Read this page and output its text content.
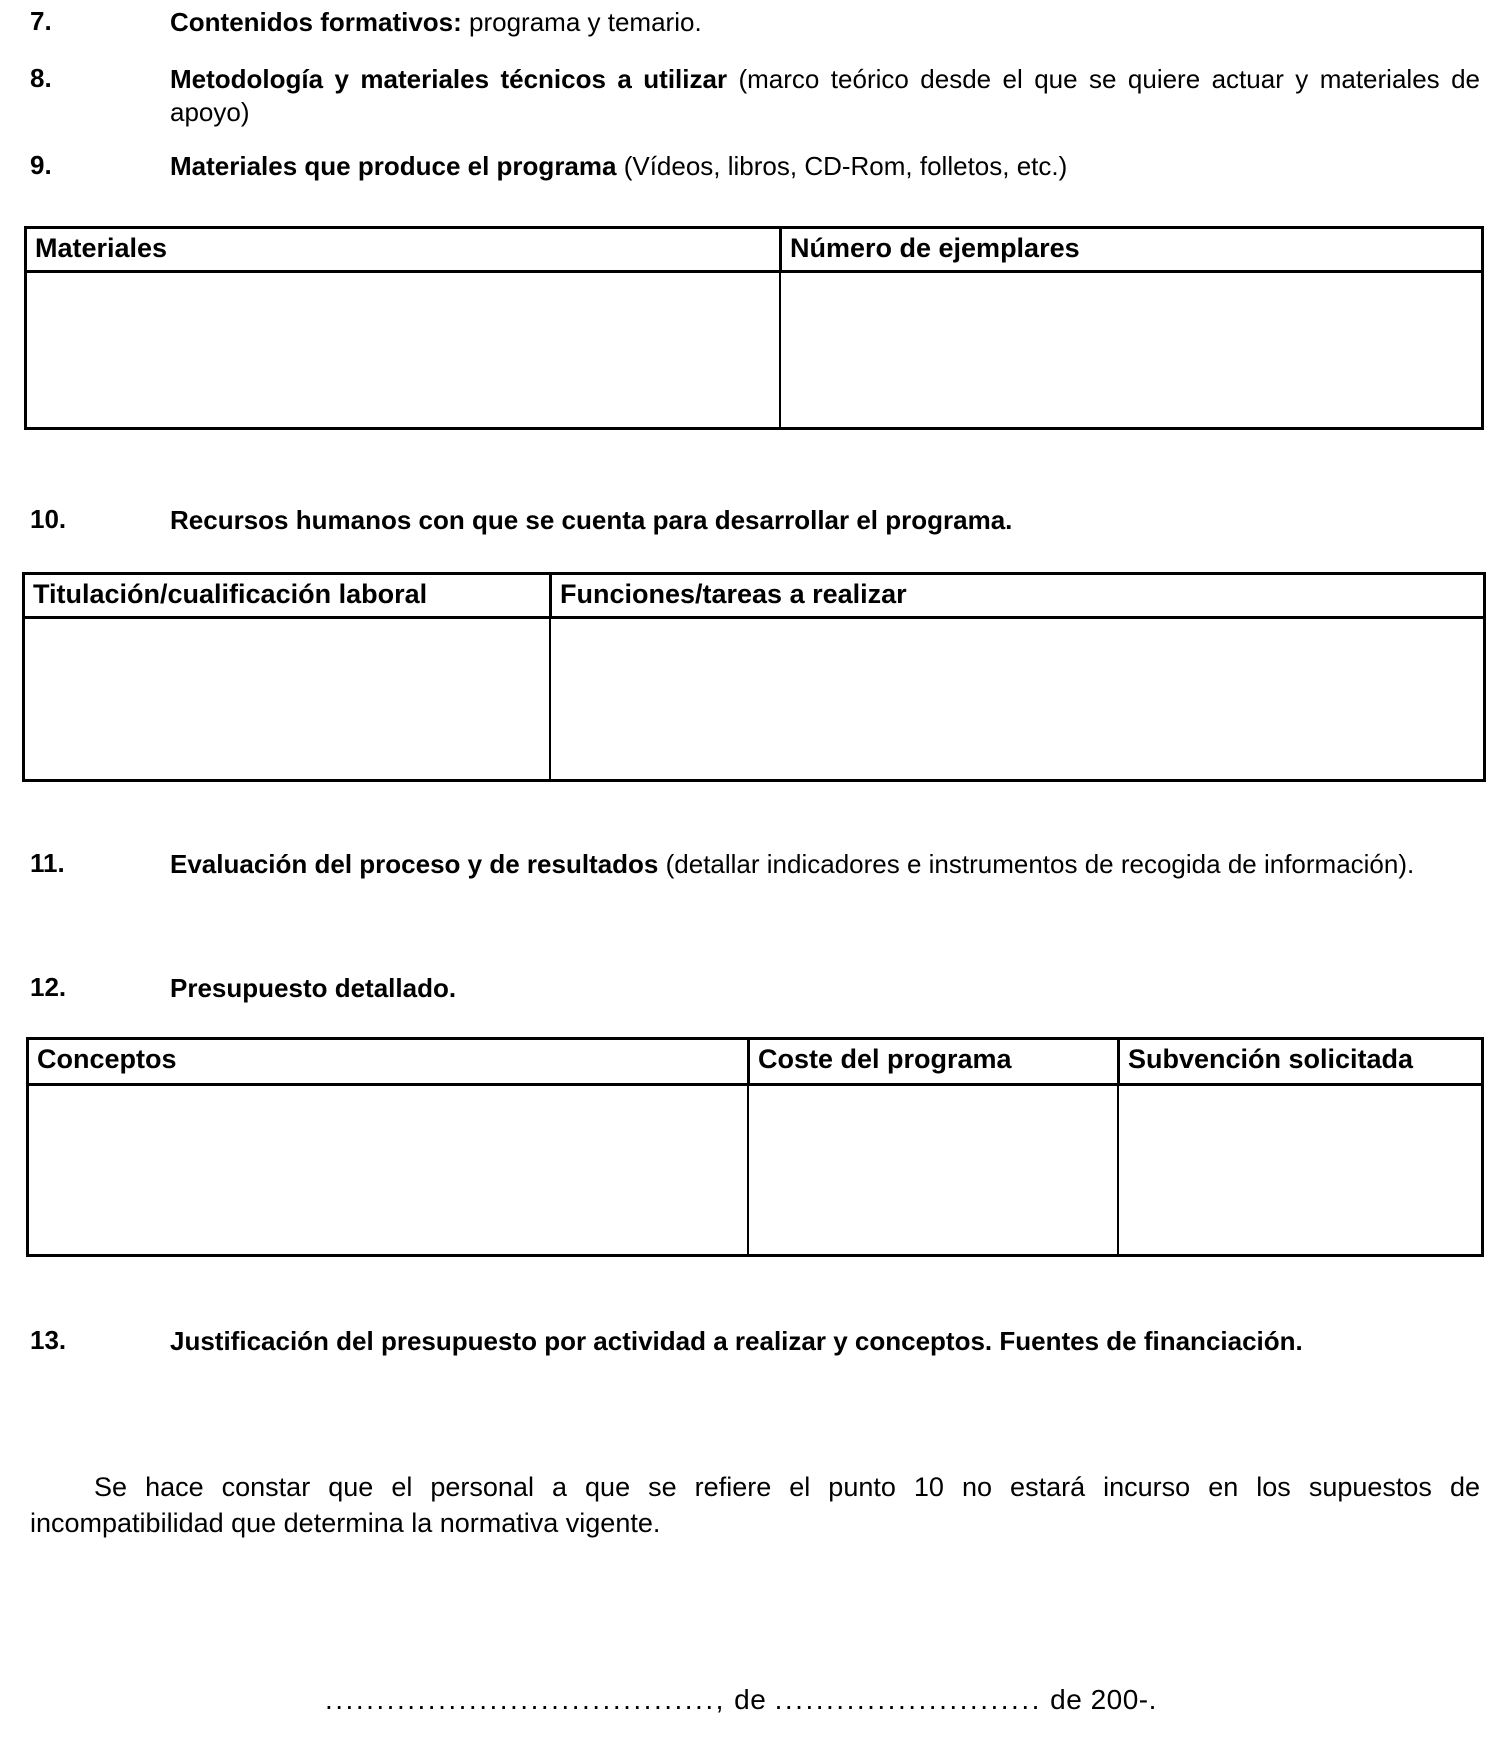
7.	Contenidos formativos: programa y temario.
8.	Metodología y materiales técnicos a utilizar (marco teórico desde el que se quiere actuar y materiales de apoyo)
9.	Materiales que produce el programa (Vídeos, libros, CD-Rom, folletos, etc.)
Materiales	Número de ejemplares
10.	Recursos humanos con que se cuenta para desarrollar el programa.
Titulación/cualificación laboral	Funciones/tareas a realizar
11.	Evaluación del proceso y de resultados (detallar indicadores e instrumentos de recogida de información).
12.	Presupuesto detallado.
Conceptos	Coste del programa	Subvención solicitada
13.	Justificación del presupuesto por actividad a realizar y conceptos. Fuentes de financiación.
Se hace constar que el personal a que se refiere el punto 10 no estará incurso en los supuestos de incompatibilidad que determina la normativa vigente.
......................................, de .......................... de 200-.
